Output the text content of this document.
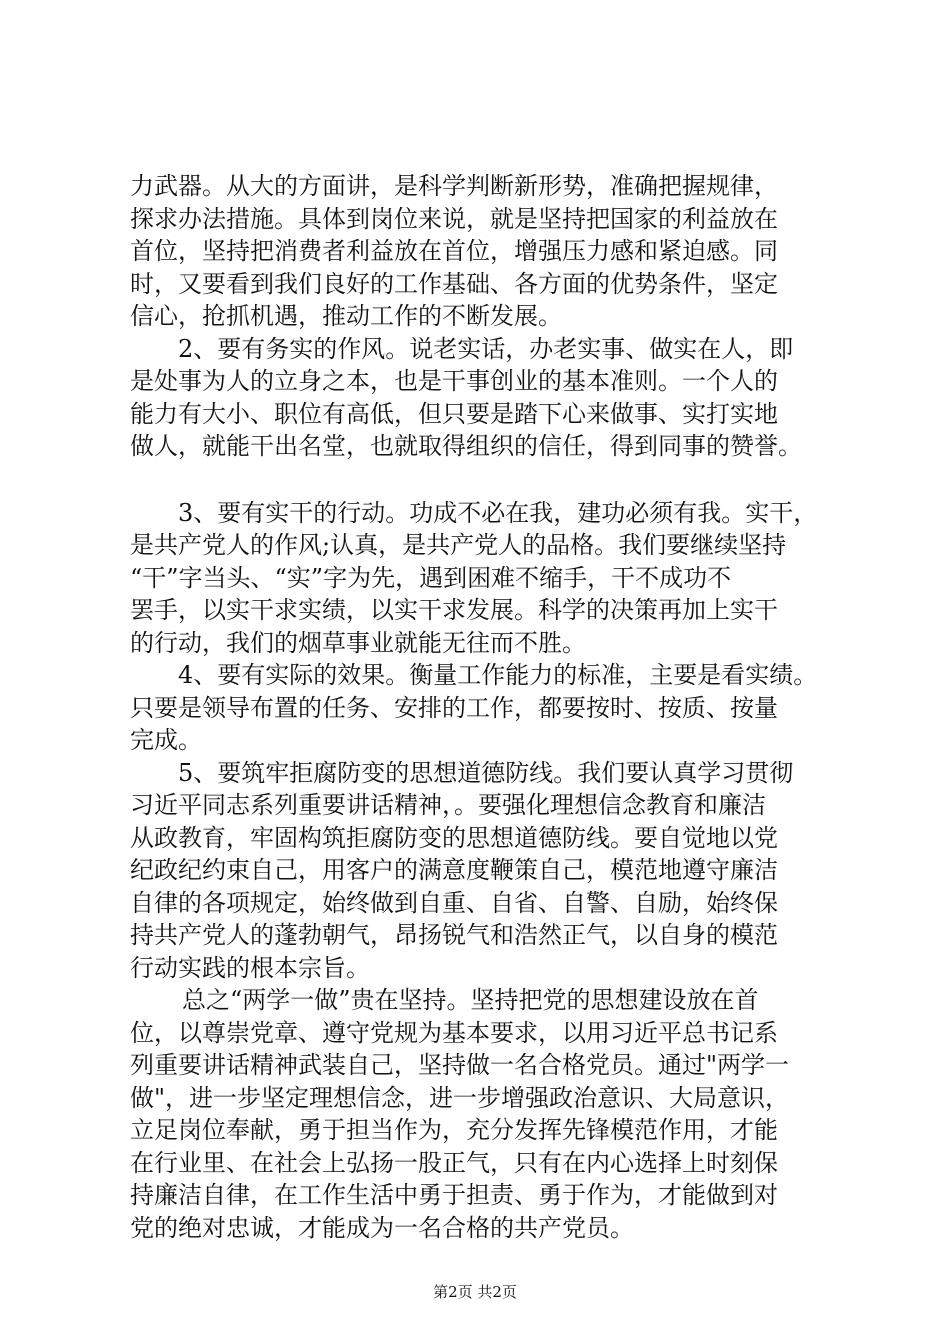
力武器。从大的方面讲，是科学判断新形势，准确把握规律，
探求办法措施。具体到岗位来说，就是坚持把国家的利益放在
首位，坚持把消费者利益放在首位，增强压力感和紧迫感。同
时，又要看到我们良好的工作基础、各方面的优势条件，坚定
信心，抢抓机遇，推动工作的不断发展。
2、要有务实的作风。说老实话，办老实事、做实在人，即
是处事为人的立身之本，也是干事创业的基本准则。一个人的
能力有大小、职位有高低，但只要是踏下心来做事、实打实地
做人，就能干出名堂，也就取得组织的信任，得到同事的赞誉。
3、要有实干的行动。功成不必在我，建功必须有我。实干，
是共产党人的作风;认真，是共产党人的品格。我们要继续坚持
“干”字当头、“实”字为先，遇到困难不缩手，干不成功不
罢手，以实干求实绩，以实干求发展。科学的决策再加上实干
的行动，我们的烟草事业就能无往而不胜。
4、要有实际的效果。衡量工作能力的标准，主要是看实绩。
只要是领导布置的任务、安排的工作，都要按时、按质、按量
完成。
5、要筑牢拒腐防变的思想道德防线。我们要认真学习贯彻
习近平同志系列重要讲话精神，。要强化理想信念教育和廉洁
从政教育，牢固构筑拒腐防变的思想道德防线。要自觉地以党
纪政纪约束自己，用客户的满意度鞭策自己，模范地遵守廉洁
自律的各项规定，始终做到自重、自省、自警、自励，始终保
持共产党人的蓬勃朝气，昂扬锐气和浩然正气，以自身的模范
行动实践的根本宗旨。
总之“两学一做”贵在坚持。坚持把党的思想建设放在首
位，以尊崇党章、遵守党规为基本要求，以用习近平总书记系
列重要讲话精神武装自己，坚持做一名合格党员。通过"两学一
做"，进一步坚定理想信念，进一步增强政治意识、大局意识，
立足岗位奉献，勇于担当作为，充分发挥先锋模范作用，才能
在行业里、在社会上弘扬一股正气，只有在内心选择上时刻保
持廉洁自律，在工作生活中勇于担责、勇于作为，才能做到对
党的绝对忠诚，才能成为一名合格的共产党员。
第2页 共2页
